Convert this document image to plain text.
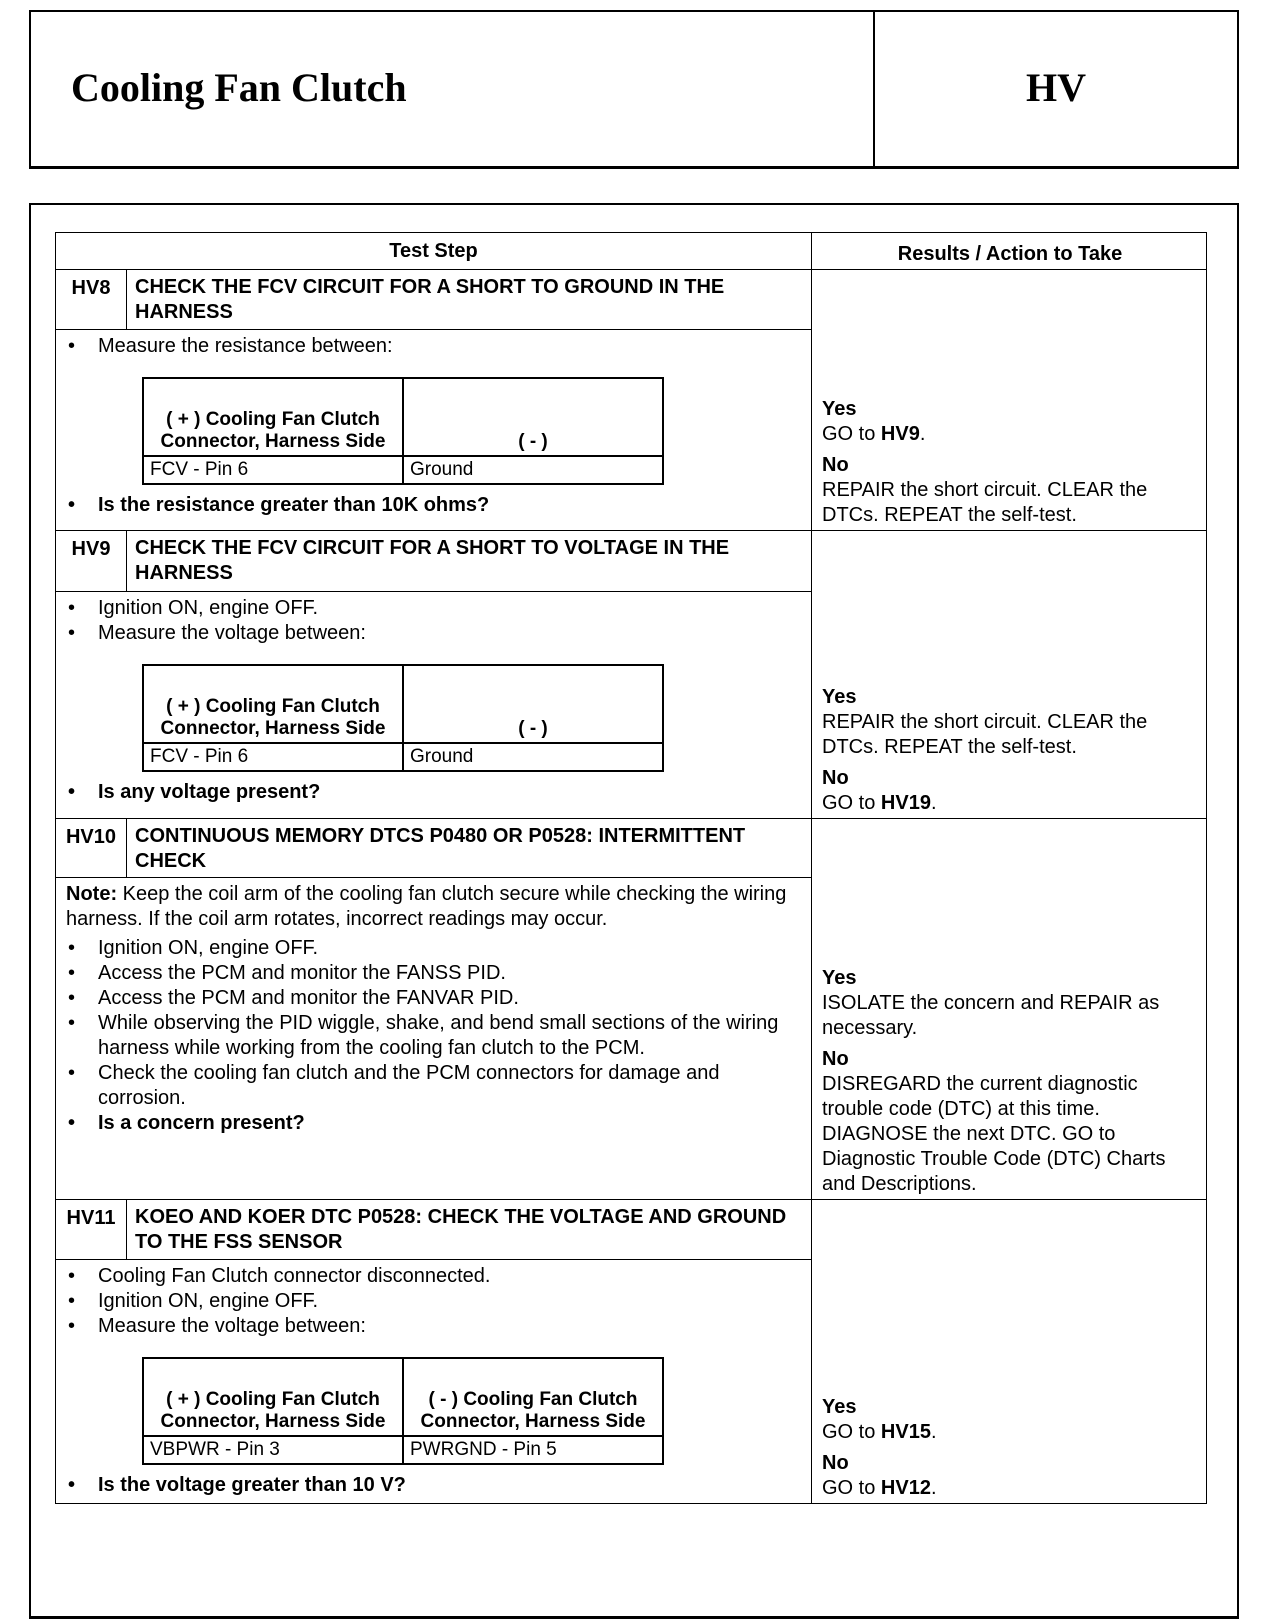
Cooling Fan Clutch	HV
Test Step	Results / Action to Take
HV8	CHECK THE FCV CIRCUIT FOR A SHORT TO GROUND IN THE HARNESS	
Yes
GO to HV9.
No
REPAIR the short circuit. CLEAR the DTCs. REPEAT the self-test.

• Measure the resistance between:
( + ) Cooling Fan Clutch Connector, Harness Side	( - )
FCV - Pin 6	Ground
• Is the resistance greater than 10K ohms?

HV9	CHECK THE FCV CIRCUIT FOR A SHORT TO VOLTAGE IN THE HARNESS	
Yes
REPAIR the short circuit. CLEAR the DTCs. REPEAT the self-test.
No
GO to HV19.

• Ignition ON, engine OFF.
• Measure the voltage between:
( + ) Cooling Fan Clutch Connector, Harness Side	( - )
FCV - Pin 6	Ground
• Is any voltage present?

HV10	CONTINUOUS MEMORY DTCS P0480 OR P0528: INTERMITTENT CHECK	
Yes
ISOLATE the concern and REPAIR as necessary.
No
DISREGARD the current diagnostic trouble code (DTC) at this time. DIAGNOSE the next DTC. GO to Diagnostic Trouble Code (DTC) Charts and Descriptions.

Note: Keep the coil arm of the cooling fan clutch secure while checking the wiring harness. If the coil arm rotates, incorrect readings may occur.
• Ignition ON, engine OFF.
• Access the PCM and monitor the FANSS PID.
• Access the PCM and monitor the FANVAR PID.
• While observing the PID wiggle, shake, and bend small sections of the wiring harness while working from the cooling fan clutch to the PCM.
• Check the cooling fan clutch and the PCM connectors for damage and corrosion.
• Is a concern present?

HV11	KOEO AND KOER DTC P0528: CHECK THE VOLTAGE AND GROUND TO THE FSS SENSOR	
Yes
GO to HV15.
No
GO to HV12.

• Cooling Fan Clutch connector disconnected.
• Ignition ON, engine OFF.
• Measure the voltage between:
( + ) Cooling Fan Clutch Connector, Harness Side	( - ) Cooling Fan Clutch Connector, Harness Side
VBPWR - Pin 3	PWRGND - Pin 5
• Is the voltage greater than 10 V?
